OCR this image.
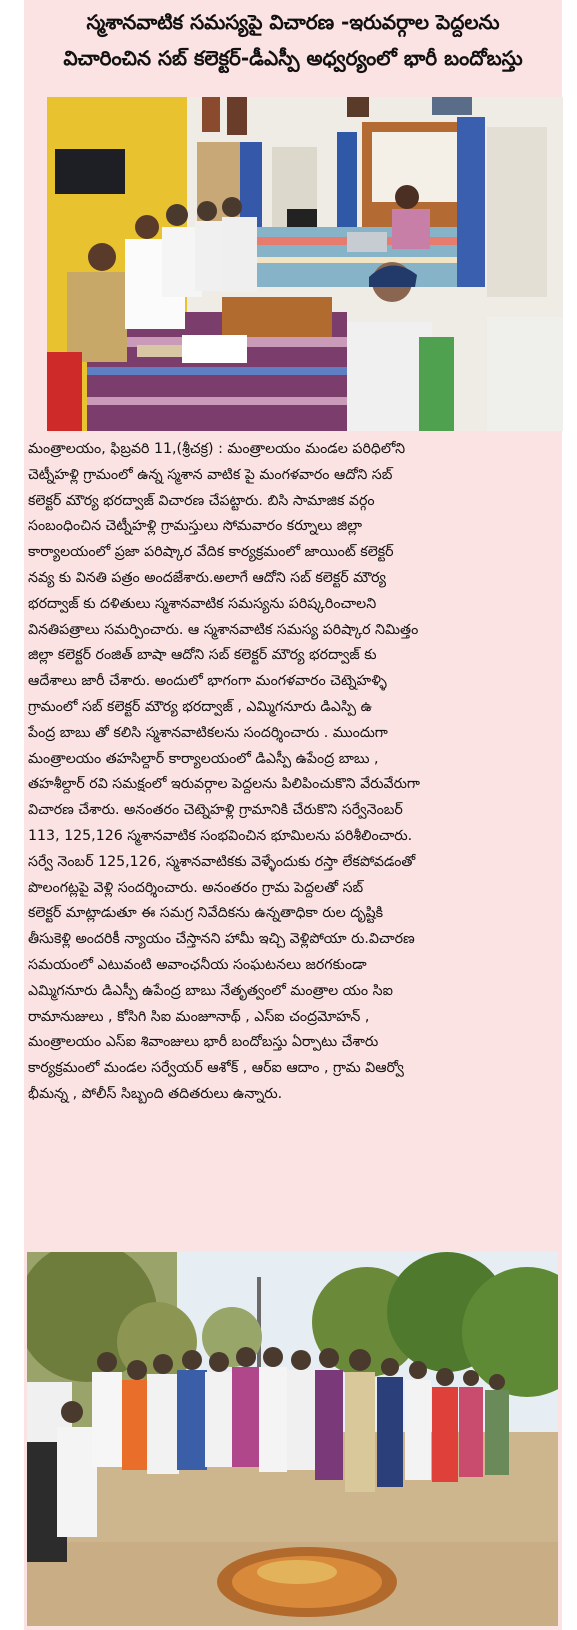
స్మశానవాటిక సమస్యపై విచారణ -ఇరువర్గాల పెద్దలను
విచారించిన సబ్ కలెక్టర్-డీఎస్పీ అధ్వర్యంలో భారీ బందోబస్తు
మంత్రాలయం, ఫిబ్రవరి 11,(శ్రీచక్ర) : మంత్రాలయం మండల పరిధిలోని
చెట్నీహళ్లి గ్రామంలో ఉన్న స్మశాన వాటిక పై మంగళవారం ఆదోని సబ్
కలెక్టర్ మౌర్య భరద్వాజ్ విచారణ చేపట్టారు. బిసి సామాజిక వర్గం
సంబంధించిన చెట్నీహళ్లి గ్రామస్తులు సోమవారం కర్నూలు జిల్లా
కార్యాలయంలో ప్రజా పరిష్కార వేదిక కార్యక్రమంలో జాయింట్ కలెక్టర్
నవ్య కు వినతి పత్రం అందజేశారు.అలాగే ఆదోని సబ్ కలెక్టర్ మౌర్య
భరద్వాజ్ కు దళితులు స్మశానవాటిక సమస్యను పరిష్కరించాలని
వినతిపత్రాలు సమర్పించారు. ఆ స్మశానవాటిక సమస్య పరిష్కార నిమిత్తం
జిల్లా కలెక్టర్ రంజిత్ బాషా ఆదోని సబ్ కలెక్టర్ మౌర్య భరద్వాజ్ కు
ఆదేశాలు జారీ చేశారు. అందులో భాగంగా మంగళవారం చెట్నెహళ్ళి
గ్రామంలో సబ్ కలెక్టర్ మౌర్య భరద్వాజ్ , ఎమ్మిగనూరు డిఎస్పి ఉ
పేంద్ర బాబు తో కలిసి స్మశానవాటికలను సందర్శించారు . ముందుగా
మంత్రాలయం తహసిల్దార్ కార్యాలయంలో డిఎస్పీ ఉపేంద్ర బాబు ,
తహశీల్దార్ రవి సమక్షంలో ఇరువర్గాల పెద్దలను పిలిపించుకొని వేరువేరుగా
విచారణ చేశారు. అనంతరం చెట్నెహళ్లి గ్రామానికి చేరుకొని సర్వేనెంబర్
113, 125,126 స్మశానవాటిక సంభవించిన భూమిలను పరిశీలించారు.
సర్వే నెంబర్ 125,126, స్మశానవాటికకు వెళ్ళేందుకు రస్తా లేకపోవడంతో
పొలంగట్లపై వెళ్లి సందర్శించారు. అనంతరం గ్రామ పెద్దలతో సబ్
కలెక్టర్ మాట్లాడుతూ ఈ సమగ్ర నివేదికను ఉన్నతాధికా రుల దృష్టికి
తీసుకెళ్లి అందరికీ న్యాయం చేస్తానని హామీ ఇచ్చి వెళ్లిపోయా రు.విచారణ
సమయంలో ఎటువంటి అవాంఛనీయ సంఘటనలు జరగకుండా
ఎమ్మిగనూరు డిఎస్పీ ఉపేంద్ర బాబు నేతృత్వంలో మంత్రాల యం సిఐ
రామానుజులు , కోసిగి సిఐ మంజూనాథ్ , ఎస్ఐ చంద్రమోహన్ ,
మంత్రాలయం ఎస్ఐ శివాంజులు భారీ బందోబస్తు ఏర్పాటు చేశారు
కార్యక్రమంలో మండల సర్వేయర్ ఆశోక్ , ఆర్ఐ ఆదాం , గ్రామ విఆర్వో
భీమన్న , పోలీస్ సిబ్బంది తదితరులు ఉన్నారు.
